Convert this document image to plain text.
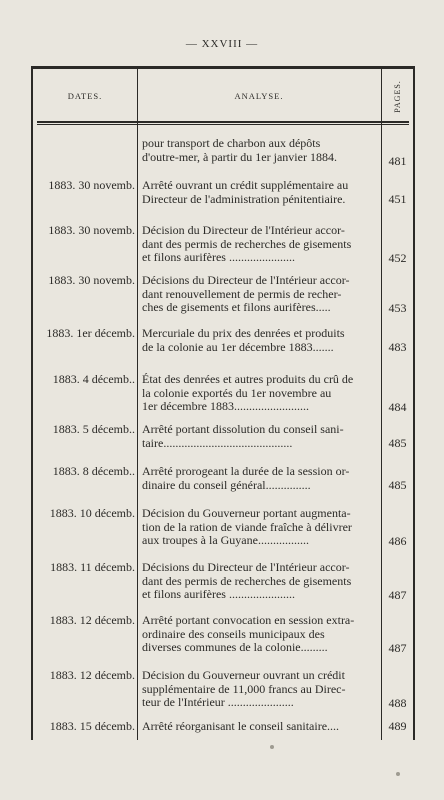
— XXVIII —
DATES.	ANALYSE.	PAGES.
pour transport de charbon aux dépôts
d'outre-mer, à partir du 1er janvier 1884.	481
1883. 30 novemb. Arrêté ouvrant un crédit supplémentaire au
Directeur de l'administration pénitentiaire.	451
1883. 30 novemb. Décision du Directeur de l'Intérieur accor-
dant des permis de recherches de gisements
et filons aurifères ......................	452
1883. 30 novemb. Décisions du Directeur de l'Intérieur accor-
dant renouvellement de permis de recher-
ches de gisements et filons aurifères.....	453
1883. 1er décemb. Mercuriale du prix des denrées et produits
de la colonie au 1er décembre 1883.......	483
1883. 4 décemb.. État des denrées et autres produits du crû de
la colonie exportés du 1er novembre au
1er décembre 1883.........................	484
1883. 5 décemb.. Arrêté portant dissolution du conseil sani-
taire...........................................	485
1883. 8 décemb.. Arrêté prorogeant la durée de la session or-
dinaire du conseil général...............	485
1883. 10 décemb. Décision du Gouverneur portant augmenta-
tion de la ration de viande fraîche à délivrer
aux troupes à la Guyane.................	486
1883. 11 décemb. Décisions du Directeur de l'Intérieur accor-
dant des permis de recherches de gisements
et filons aurifères ......................	487
1883. 12 décemb. Arrêté portant convocation en session extra-
ordinaire des conseils municipaux des
diverses communes de la colonie.........	487
1883. 12 décemb. Décision du Gouverneur ouvrant un crédit
supplémentaire de 11,000 francs au Direc-
teur de l'Intérieur ......................	488
1883. 15 décemb. Arrêté réorganisant le conseil sanitaire....	489
